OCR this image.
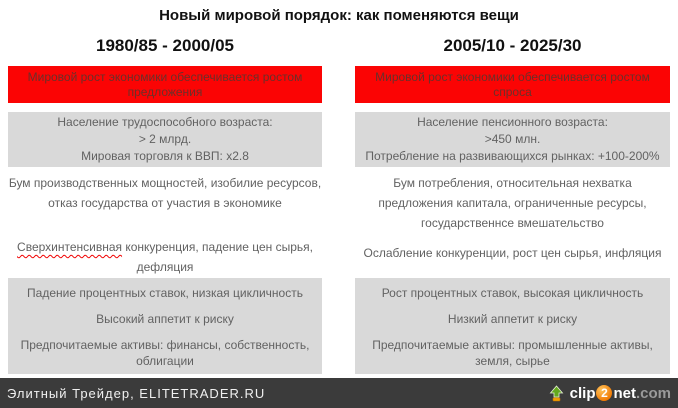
Новый мировой порядок: как поменяются вещи
1980/85 - 2000/05
Мировой рост экономики обеспечивается ростом предложения
Население трудоспособного возраста:
> 2 млрд.
Мировая торговля к ВВП: х2.8
Бум производственных мощностей, изобилие ресурсов, отказ государства от участия в экономике
Сверхинтенсивная конкуренция, падение цен сырья, дефляция
Падение процентных ставок, низкая цикличность
Высокий аппетит к риску
Предпочитаемые активы: финансы, собственность, облигации
2005/10 - 2025/30
Мировой рост экономики обеспечивается ростом спроса
Население пенсионного возраста:
>450 млн.
Потребление на развивающихся рынках: +100-200%
Бум потребления, относительная нехватка предложения капитала, ограниченные ресурсы, государственнсе вмешательство
Ослабление конкуренции, рост цен сырья, инфляция
Рост процентных ставок, высокая цикличность
Низкий аппетит к риску
Предпочитаемые активы: промышленные активы, земля, сырье
Элитный Трейдер, ELITETRADER.RU	clip 2 net .com
